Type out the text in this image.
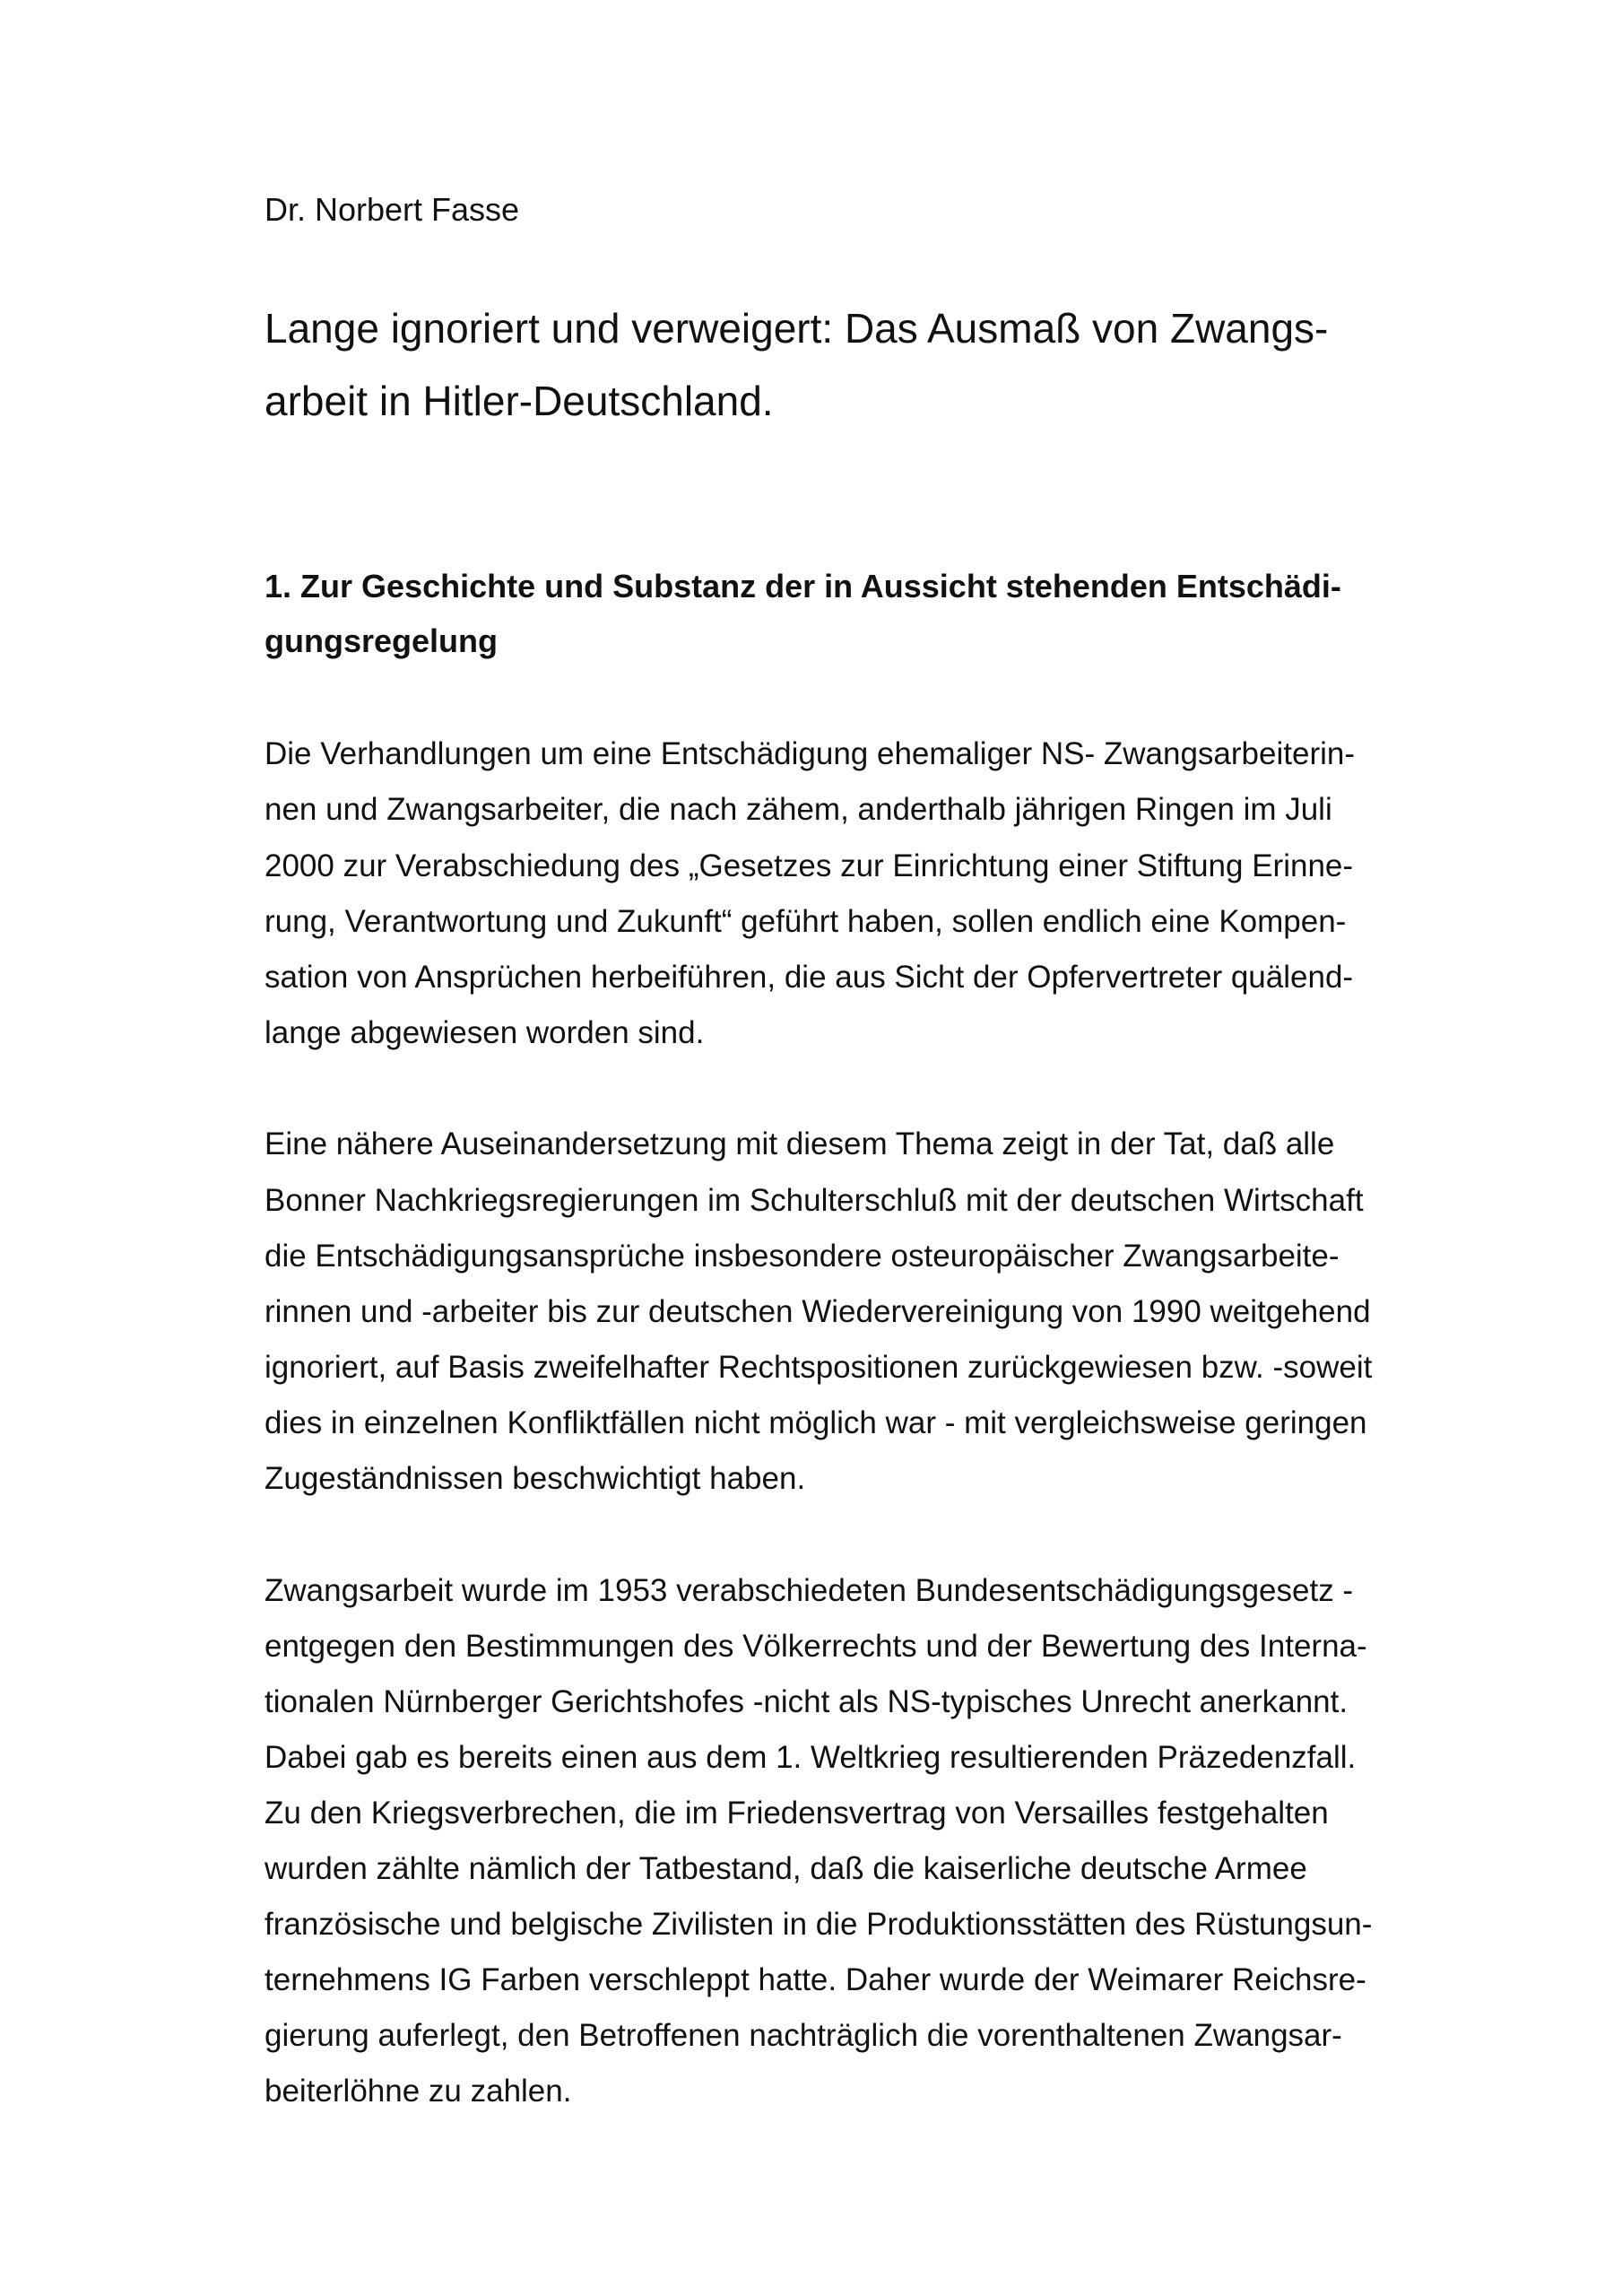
Dr. Norbert Fasse
Lange ignoriert und verweigert: Das Ausmaß von Zwangs-
arbeit in Hitler-Deutschland.
1. Zur Geschichte und Substanz der in Aussicht stehenden Entschädi-
gungsregelung
Die Verhandlungen um eine Entschädigung ehemaliger NS- Zwangsarbeiterin-
nen und Zwangsarbeiter, die nach zähem, anderthalb jährigen Ringen im Juli
2000 zur Verabschiedung des „Gesetzes zur Einrichtung einer Stiftung Erinne-
rung, Verantwortung und Zukunft“ geführt haben, sollen endlich eine Kompen-
sation von Ansprüchen herbeiführen, die aus Sicht der Opfervertreter quälend-
lange abgewiesen worden sind.
Eine nähere Auseinandersetzung mit diesem Thema zeigt in der Tat, daß alle
Bonner Nachkriegsregierungen im Schulterschluß mit der deutschen Wirtschaft
die Entschädigungsansprüche insbesondere osteuropäischer Zwangsarbeite-
rinnen und -arbeiter bis zur deutschen Wiedervereinigung von 1990 weitgehend
ignoriert, auf Basis zweifelhafter Rechtspositionen zurückgewiesen bzw. -soweit
dies in einzelnen Konfliktfällen nicht möglich war - mit vergleichsweise geringen
Zugeständnissen beschwichtigt haben.
Zwangsarbeit wurde im 1953 verabschiedeten Bundesentschädigungsgesetz -
entgegen den Bestimmungen des Völkerrechts und der Bewertung des Interna-
tionalen Nürnberger Gerichtshofes -nicht als NS-typisches Unrecht anerkannt.
Dabei gab es bereits einen aus dem 1. Weltkrieg resultierenden Präzedenzfall.
Zu den Kriegsverbrechen, die im Friedensvertrag von Versailles festgehalten
wurden zählte nämlich der Tatbestand, daß die kaiserliche deutsche Armee
französische und belgische Zivilisten in die Produktionsstätten des Rüstungsun-
ternehmens IG Farben verschleppt hatte. Daher wurde der Weimarer Reichsre-
gierung auferlegt, den Betroffenen nachträglich die vorenthaltenen Zwangsar-
beiterlöhne zu zahlen.
